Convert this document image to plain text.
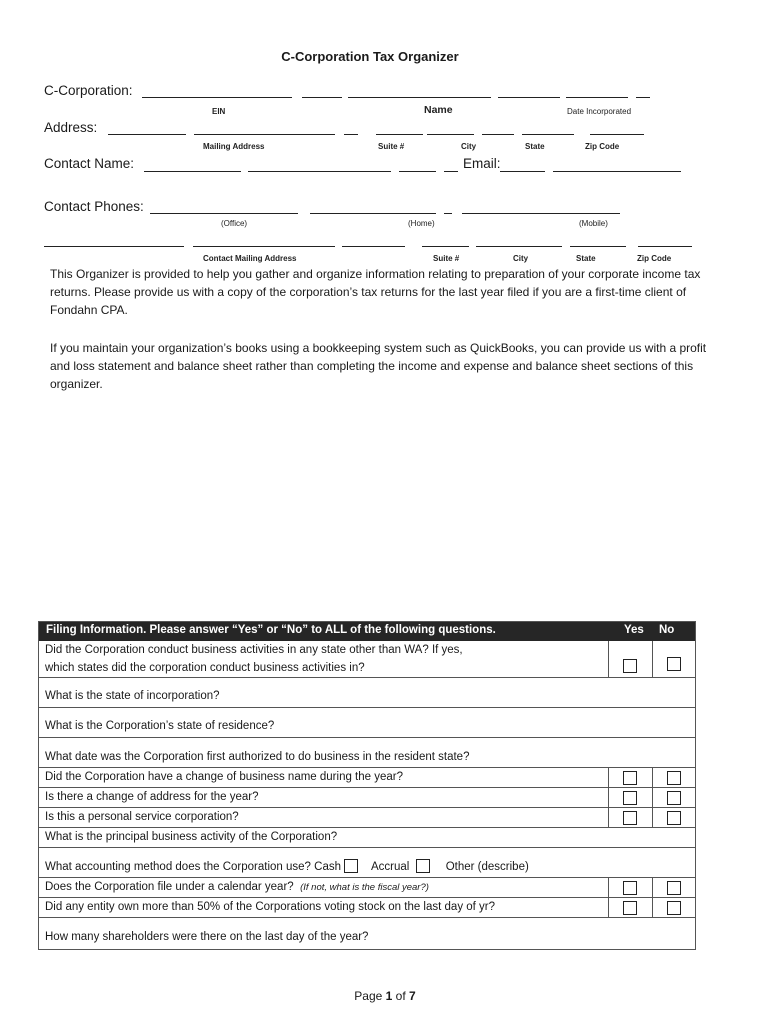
C-Corporation Tax Organizer
C-Corporation:
EIN	Name	Date Incorporated
Address:
Mailing Address	Suite #	City	State	Zip Code
Contact Name:	Email:
Contact Phones:
(Office)	(Home)	(Mobile)
Contact Mailing Address	Suite #	City	State	Zip Code

This Organizer is provided to help you gather and organize information relating to preparation of your corporate income tax returns. Please provide us with a copy of the corporation’s tax returns for the last year filed if you are a first-time client of Fondahn CPA.

If you maintain your organization’s books using a bookkeeping system such as QuickBooks, you can provide us with a profit and loss statement and balance sheet rather than completing the income and expense and balance sheet sections of this organizer.

Filing Information. Please answer “Yes” or “No” to ALL of the following questions.	Yes No
Did the Corporation conduct business activities in any state other than WA? If yes,
which states did the corporation conduct business activities in?
What is the state of incorporation?
What is the Corporation’s state of residence?
What date was the Corporation first authorized to do business in the resident state?
Did the Corporation have a change of business name during the year?
Is there a change of address for the year?
Is this a personal service corporation?
What is the principal business activity of the Corporation?
What accounting method does the Corporation use? Cash	Accrual	Other (describe)
Does the Corporation file under a calendar year? (If not, what is the fiscal year?)
Did any entity own more than 50% of the Corporations voting stock on the last day of yr?
How many shareholders were there on the last day of the year?
Page 1 of 7
